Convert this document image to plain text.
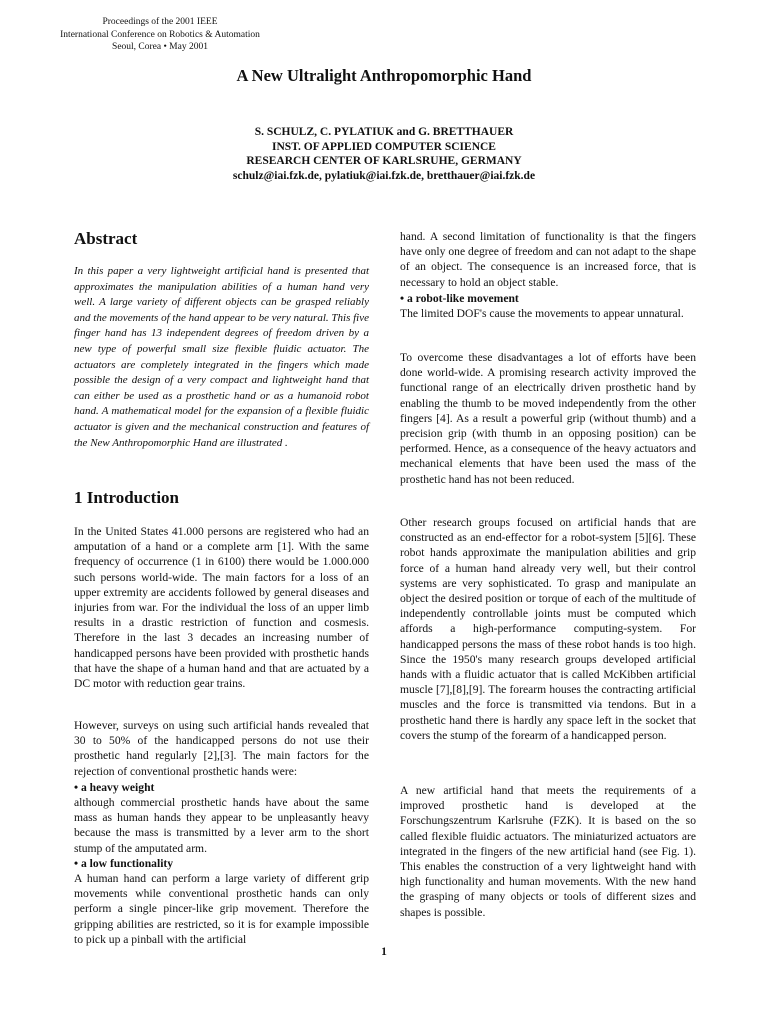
Proceedings of the 2001 IEEE
International Conference on Robotics & Automation
Seoul, Corea • May 2001
A New Ultralight Anthropomorphic Hand
S. SCHULZ, C. PYLATIUK and G. BRETTHAUER
INST. OF APPLIED COMPUTER SCIENCE
RESEARCH CENTER OF KARLSRUHE, GERMANY
schulz@iai.fzk.de, pylatiuk@iai.fzk.de, bretthauer@iai.fzk.de
Abstract

In this paper a very lightweight artificial hand is presented that approximates the manipulation abilities of a human hand very well. A large variety of different objects can be grasped reliably and the movements of the hand appear to be very natural. This five finger hand has 13 independent degrees of freedom driven by a new type of powerful small size flexible fluidic actuator. The actuators are completely integrated in the fingers which made possible the design of a very compact and lightweight hand that can either be used as a prosthetic hand or as a humanoid robot hand. A mathematical model for the expansion of a flexible fluidic actuator is given and the mechanical construction and features of the New Anthropomorphic Hand are illustrated .

1 Introduction

In the United States 41.000 persons are registered who had an amputation of a hand or a complete arm [1]. With the same frequency of occurrence (1 in 6100) there would be 1.000.000 such persons world-wide. The main factors for a loss of an upper extremity are accidents followed by general diseases and injuries from war. For the individual the loss of an upper limb results in a drastic restriction of function and cosmesis. Therefore in the last 3 decades an increasing number of handicapped persons have been provided with prosthetic hands that have the shape of a human hand and that are actuated by a DC motor with reduction gear trains.

However, surveys on using such artificial hands revealed that 30 to 50% of the handicapped persons do not use their prosthetic hand regularly [2],[3]. The main factors for the rejection of conventional prosthetic hands were:

• a heavy weight

although commercial prosthetic hands have about the same mass as human hands they appear to be unpleasantly heavy because the mass is transmitted by a lever arm to the short stump of the amputated arm.

• a low functionality

A human hand can perform a large variety of different grip movements while conventional prosthetic hands can only perform a single pincer-like grip movement. Therefore the gripping abilities are restricted, so it is for example impossible to pick up a pinball with the artificial

hand. A second limitation of functionality is that the fingers have only one degree of freedom and can not adapt to the shape of an object. The consequence is an increased force, that is necessary to hold an object stable.

• a robot-like movement

The limited DOF's cause the movements to appear unnatural.

To overcome these disadvantages a lot of efforts have been done world-wide. A promising research activity improved the functional range of an electrically driven prosthetic hand by enabling the thumb to be moved independently from the other fingers [4]. As a result a powerful grip (without thumb) and a precision grip (with thumb in an opposing position) can be performed. Hence, as a consequence of the heavy actuators and mechanical elements that have been used the mass of the prosthetic hand has not been reduced.

Other research groups focused on artificial hands that are constructed as an end-effector for a robot-system [5][6]. These robot hands approximate the manipulation abilities and grip force of a human hand already very well, but their control systems are very sophisticated. To grasp and manipulate an object the desired position or torque of each of the multitude of independently controllable joints must be computed which affords a high-performance computing-system. For handicapped persons the mass of these robot hands is too high. Since the 1950's many research groups developed artificial hands with a fluidic actuator that is called McKibben artificial muscle [7],[8],[9]. The forearm houses the contracting artificial muscles and the force is transmitted via tendons. But in a prosthetic hand there is hardly any space left in the socket that covers the stump of the forearm of a handicapped person.

A new artificial hand that meets the requirements of a improved prosthetic hand is developed at the Forschungszentrum Karlsruhe (FZK). It is based on the so called flexible fluidic actuators. The miniaturized actuators are integrated in the fingers of the new artificial hand (see Fig. 1). This enables the construction of a very lightweight hand with high functionality and human movements. With the new hand the grasping of many objects or tools of different sizes and shapes is possible.

1
